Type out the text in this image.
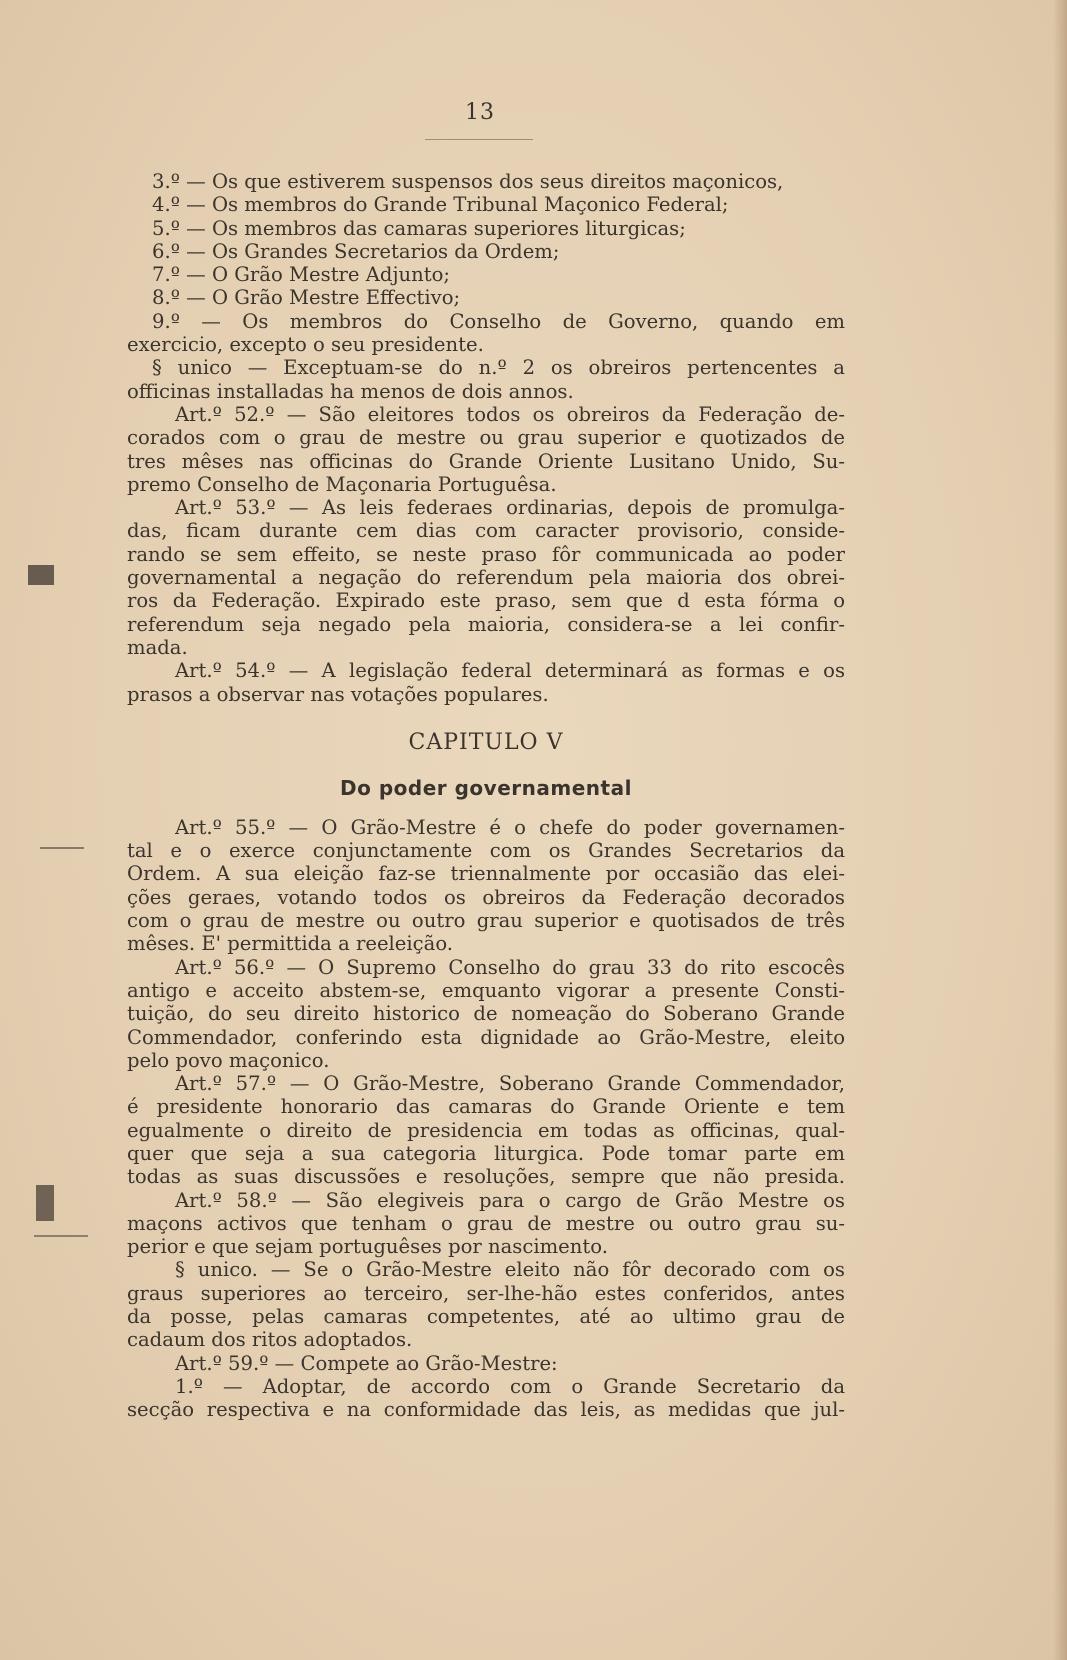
13
3.º — Os que estiverem suspensos dos seus direitos maçonicos,
4.º — Os membros do Grande Tribunal Maçonico Federal;
5.º — Os membros das camaras superiores liturgicas;
6.º — Os Grandes Secretarios da Ordem;
7.º — O Grão Mestre Adjunto;
8.º — O Grão Mestre Effectivo;
9.º — Os membros do Conselho de Governo, quando em
exercicio, excepto o seu presidente.
§ unico — Exceptuam-se do n.º 2 os obreiros pertencentes a
officinas installadas ha menos de dois annos.
Art.º 52.º — São eleitores todos os obreiros da Federação de-
corados com o grau de mestre ou grau superior e quotizados de
tres mêses nas officinas do Grande Oriente Lusitano Unido, Su-
premo Conselho de Maçonaria Portuguêsa.
Art.º 53.º — As leis federaes ordinarias, depois de promulga-
das, ficam durante cem dias com caracter provisorio, conside-
rando se sem effeito, se neste praso fôr communicada ao poder
governamental a negação do referendum pela maioria dos obrei-
ros da Federação. Expirado este praso, sem que d esta fórma o
referendum seja negado pela maioria, considera-se a lei confir-
mada.
Art.º 54.º — A legislação federal determinará as formas e os
prasos a observar nas votações populares.
CAPITULO V
Do poder governamental
Art.º 55.º — O Grão-Mestre é o chefe do poder governamen-
tal e o exerce conjunctamente com os Grandes Secretarios da
Ordem. A sua eleição faz-se triennalmente por occasião das elei-
ções geraes, votando todos os obreiros da Federação decorados
com o grau de mestre ou outro grau superior e quotisados de três
mêses. E' permittida a reeleição.
Art.º 56.º — O Supremo Conselho do grau 33 do rito escocês
antigo e acceito abstem-se, emquanto vigorar a presente Consti-
tuição, do seu direito historico de nomeação do Soberano Grande
Commendador, conferindo esta dignidade ao Grão-Mestre, eleito
pelo povo maçonico.
Art.º 57.º — O Grão-Mestre, Soberano Grande Commendador,
é presidente honorario das camaras do Grande Oriente e tem
egualmente o direito de presidencia em todas as officinas, qual-
quer que seja a sua categoria liturgica. Pode tomar parte em
todas as suas discussões e resoluções, sempre que não presida.
Art.º 58.º — São elegiveis para o cargo de Grão Mestre os
maçons activos que tenham o grau de mestre ou outro grau su-
perior e que sejam portuguêses por nascimento.
§ unico. — Se o Grão-Mestre eleito não fôr decorado com os
graus superiores ao terceiro, ser-lhe-hão estes conferidos, antes
da posse, pelas camaras competentes, até ao ultimo grau de
cadaum dos ritos adoptados.
Art.º 59.º — Compete ao Grão-Mestre:
1.º — Adoptar, de accordo com o Grande Secretario da
secção respectiva e na conformidade das leis, as medidas que jul-
